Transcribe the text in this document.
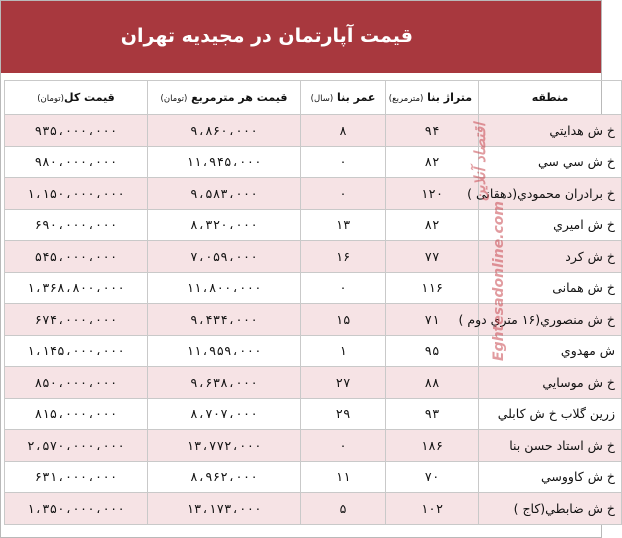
قیمت آپارتمان در مجیدیه تهران
منطقه	متراژ بنا (مترمربع)	عمر بنا (سال)	قیمت هر مترمربع (تومان)	قیمت کل(تومان)
خ ش هدايتي	۹۴	۸	۹،۸۶۰،۰۰۰	۹۳۵،۰۰۰،۰۰۰
خ ش سي سي	۸۲	۰	۱۱،۹۴۵،۰۰۰	۹۸۰،۰۰۰،۰۰۰
خ برادران محمودي(دهقانی )	۱۲۰	۰	۹،۵۸۳،۰۰۰	۱،۱۵۰،۰۰۰،۰۰۰
خ ش امیري	۸۲	۱۳	۸،۳۲۰،۰۰۰	۶۹۰،۰۰۰،۰۰۰
خ ش کرد	۷۷	۱۶	۷،۰۵۹،۰۰۰	۵۴۵،۰۰۰،۰۰۰
خ ش همانی	۱۱۶	۰	۱۱،۸۰۰،۰۰۰	۱،۳۶۸،۸۰۰،۰۰۰
خ ش منصوري(۱۶ متري دوم )	۷۱	۱۵	۹،۴۳۴،۰۰۰	۶۷۴،۰۰۰،۰۰۰
ش مهدوي	۹۵	۱	۱۱،۹۵۹،۰۰۰	۱،۱۴۵،۰۰۰،۰۰۰
خ ش موسايي	۸۸	۲۷	۹،۶۳۸،۰۰۰	۸۵۰،۰۰۰،۰۰۰
زرین گلاب خ ش کابلي	۹۳	۲۹	۸،۷۰۷،۰۰۰	۸۱۵،۰۰۰،۰۰۰
خ ش استاد حسن بنا	۱۸۶	۰	۱۳،۷۷۲،۰۰۰	۲،۵۷۰،۰۰۰،۰۰۰
خ ش کاووسي	۷۰	۱۱	۸،۹۶۲،۰۰۰	۶۳۱،۰۰۰،۰۰۰
خ ش ضابطي(کاج )	۱۰۲	۵	۱۳،۱۷۳،۰۰۰	۱،۳۵۰،۰۰۰،۰۰۰
اقتصاد آنلاین
Eghtesadonline.com
